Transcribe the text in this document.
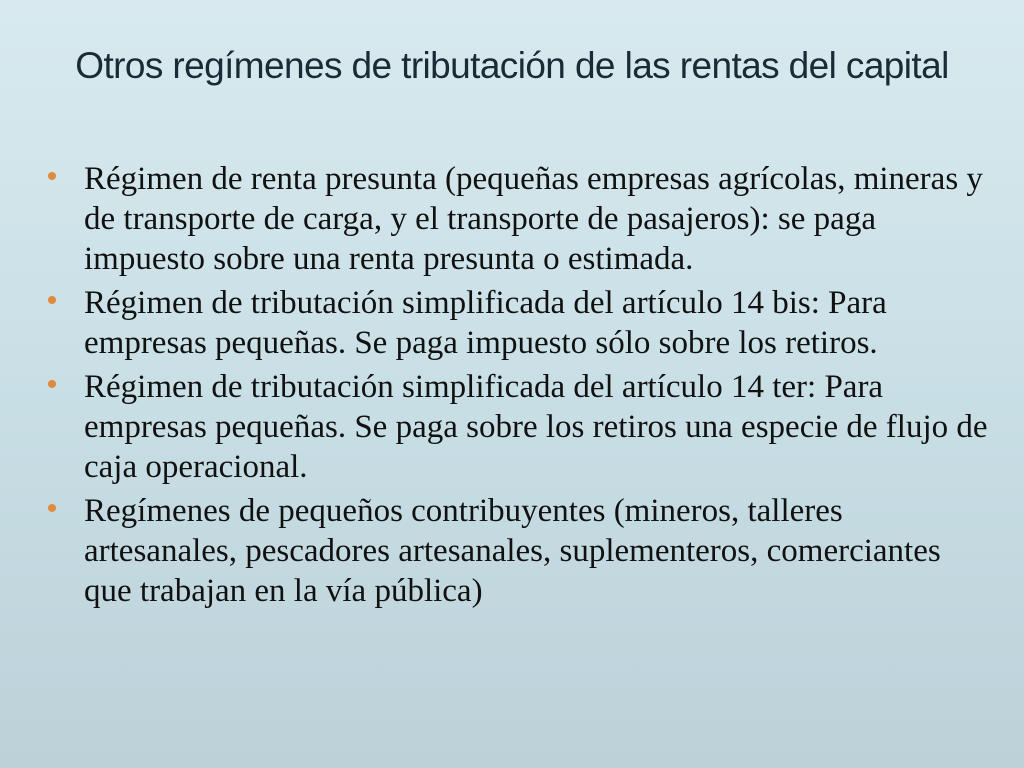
Otros regímenes de tributación de las rentas del capital
• Régimen de renta presunta (pequeñas empresas agrícolas, mineras y de transporte de carga, y el transporte de pasajeros): se paga impuesto sobre una renta presunta o estimada.
• Régimen de tributación simplificada del artículo 14 bis: Para empresas pequeñas. Se paga impuesto sólo sobre los retiros.
• Régimen de tributación simplificada del artículo 14 ter: Para empresas pequeñas. Se paga sobre los retiros una especie de flujo de caja operacional.
• Regímenes de pequeños contribuyentes (mineros, talleres artesanales, pescadores artesanales, suplementeros, comerciantes que trabajan en la vía pública)
